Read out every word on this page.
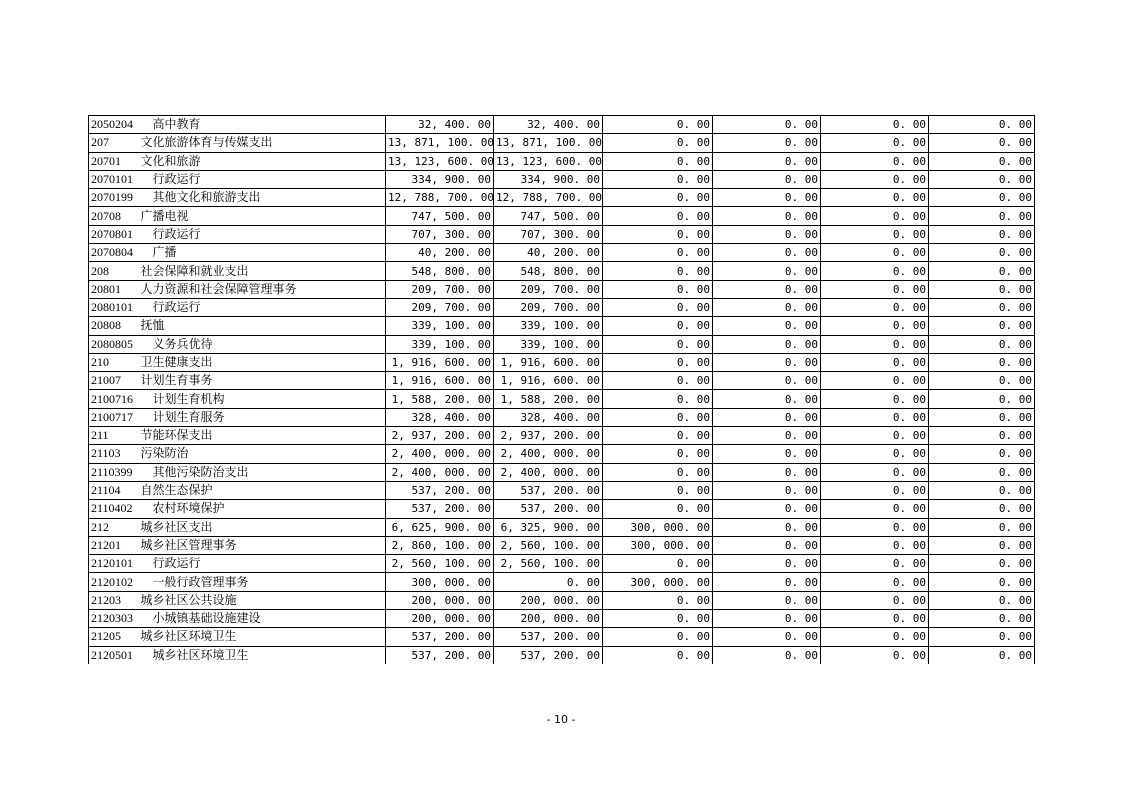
2050204	高中教育	32, 400. 00	32, 400. 00	0. 00	0. 00	0. 00	0. 00
207	文化旅游体育与传媒支出	13, 871, 100. 00	13, 871, 100. 00	0. 00	0. 00	0. 00	0. 00
20701	文化和旅游	13, 123, 600. 00	13, 123, 600. 00	0. 00	0. 00	0. 00	0. 00
2070101	行政运行	334, 900. 00	334, 900. 00	0. 00	0. 00	0. 00	0. 00
2070199	其他文化和旅游支出	12, 788, 700. 00	12, 788, 700. 00	0. 00	0. 00	0. 00	0. 00
20708	广播电视	747, 500. 00	747, 500. 00	0. 00	0. 00	0. 00	0. 00
2070801	行政运行	707, 300. 00	707, 300. 00	0. 00	0. 00	0. 00	0. 00
2070804	广播	40, 200. 00	40, 200. 00	0. 00	0. 00	0. 00	0. 00
208	社会保障和就业支出	548, 800. 00	548, 800. 00	0. 00	0. 00	0. 00	0. 00
20801	人力资源和社会保障管理事务	209, 700. 00	209, 700. 00	0. 00	0. 00	0. 00	0. 00
2080101	行政运行	209, 700. 00	209, 700. 00	0. 00	0. 00	0. 00	0. 00
20808	抚恤	339, 100. 00	339, 100. 00	0. 00	0. 00	0. 00	0. 00
2080805	义务兵优待	339, 100. 00	339, 100. 00	0. 00	0. 00	0. 00	0. 00
210	卫生健康支出	1, 916, 600. 00	1, 916, 600. 00	0. 00	0. 00	0. 00	0. 00
21007	计划生育事务	1, 916, 600. 00	1, 916, 600. 00	0. 00	0. 00	0. 00	0. 00
2100716	计划生育机构	1, 588, 200. 00	1, 588, 200. 00	0. 00	0. 00	0. 00	0. 00
2100717	计划生育服务	328, 400. 00	328, 400. 00	0. 00	0. 00	0. 00	0. 00
211	节能环保支出	2, 937, 200. 00	2, 937, 200. 00	0. 00	0. 00	0. 00	0. 00
21103	污染防治	2, 400, 000. 00	2, 400, 000. 00	0. 00	0. 00	0. 00	0. 00
2110399	其他污染防治支出	2, 400, 000. 00	2, 400, 000. 00	0. 00	0. 00	0. 00	0. 00
21104	自然生态保护	537, 200. 00	537, 200. 00	0. 00	0. 00	0. 00	0. 00
2110402	农村环境保护	537, 200. 00	537, 200. 00	0. 00	0. 00	0. 00	0. 00
212	城乡社区支出	6, 625, 900. 00	6, 325, 900. 00	300, 000. 00	0. 00	0. 00	0. 00
21201	城乡社区管理事务	2, 860, 100. 00	2, 560, 100. 00	300, 000. 00	0. 00	0. 00	0. 00
2120101	行政运行	2, 560, 100. 00	2, 560, 100. 00	0. 00	0. 00	0. 00	0. 00
2120102	一般行政管理事务	300, 000. 00	0. 00	300, 000. 00	0. 00	0. 00	0. 00
21203	城乡社区公共设施	200, 000. 00	200, 000. 00	0. 00	0. 00	0. 00	0. 00
2120303	小城镇基础设施建设	200, 000. 00	200, 000. 00	0. 00	0. 00	0. 00	0. 00
21205	城乡社区环境卫生	537, 200. 00	537, 200. 00	0. 00	0. 00	0. 00	0. 00
2120501	城乡社区环境卫生	537, 200. 00	537, 200. 00	0. 00	0. 00	0. 00	0. 00
- 10 -
